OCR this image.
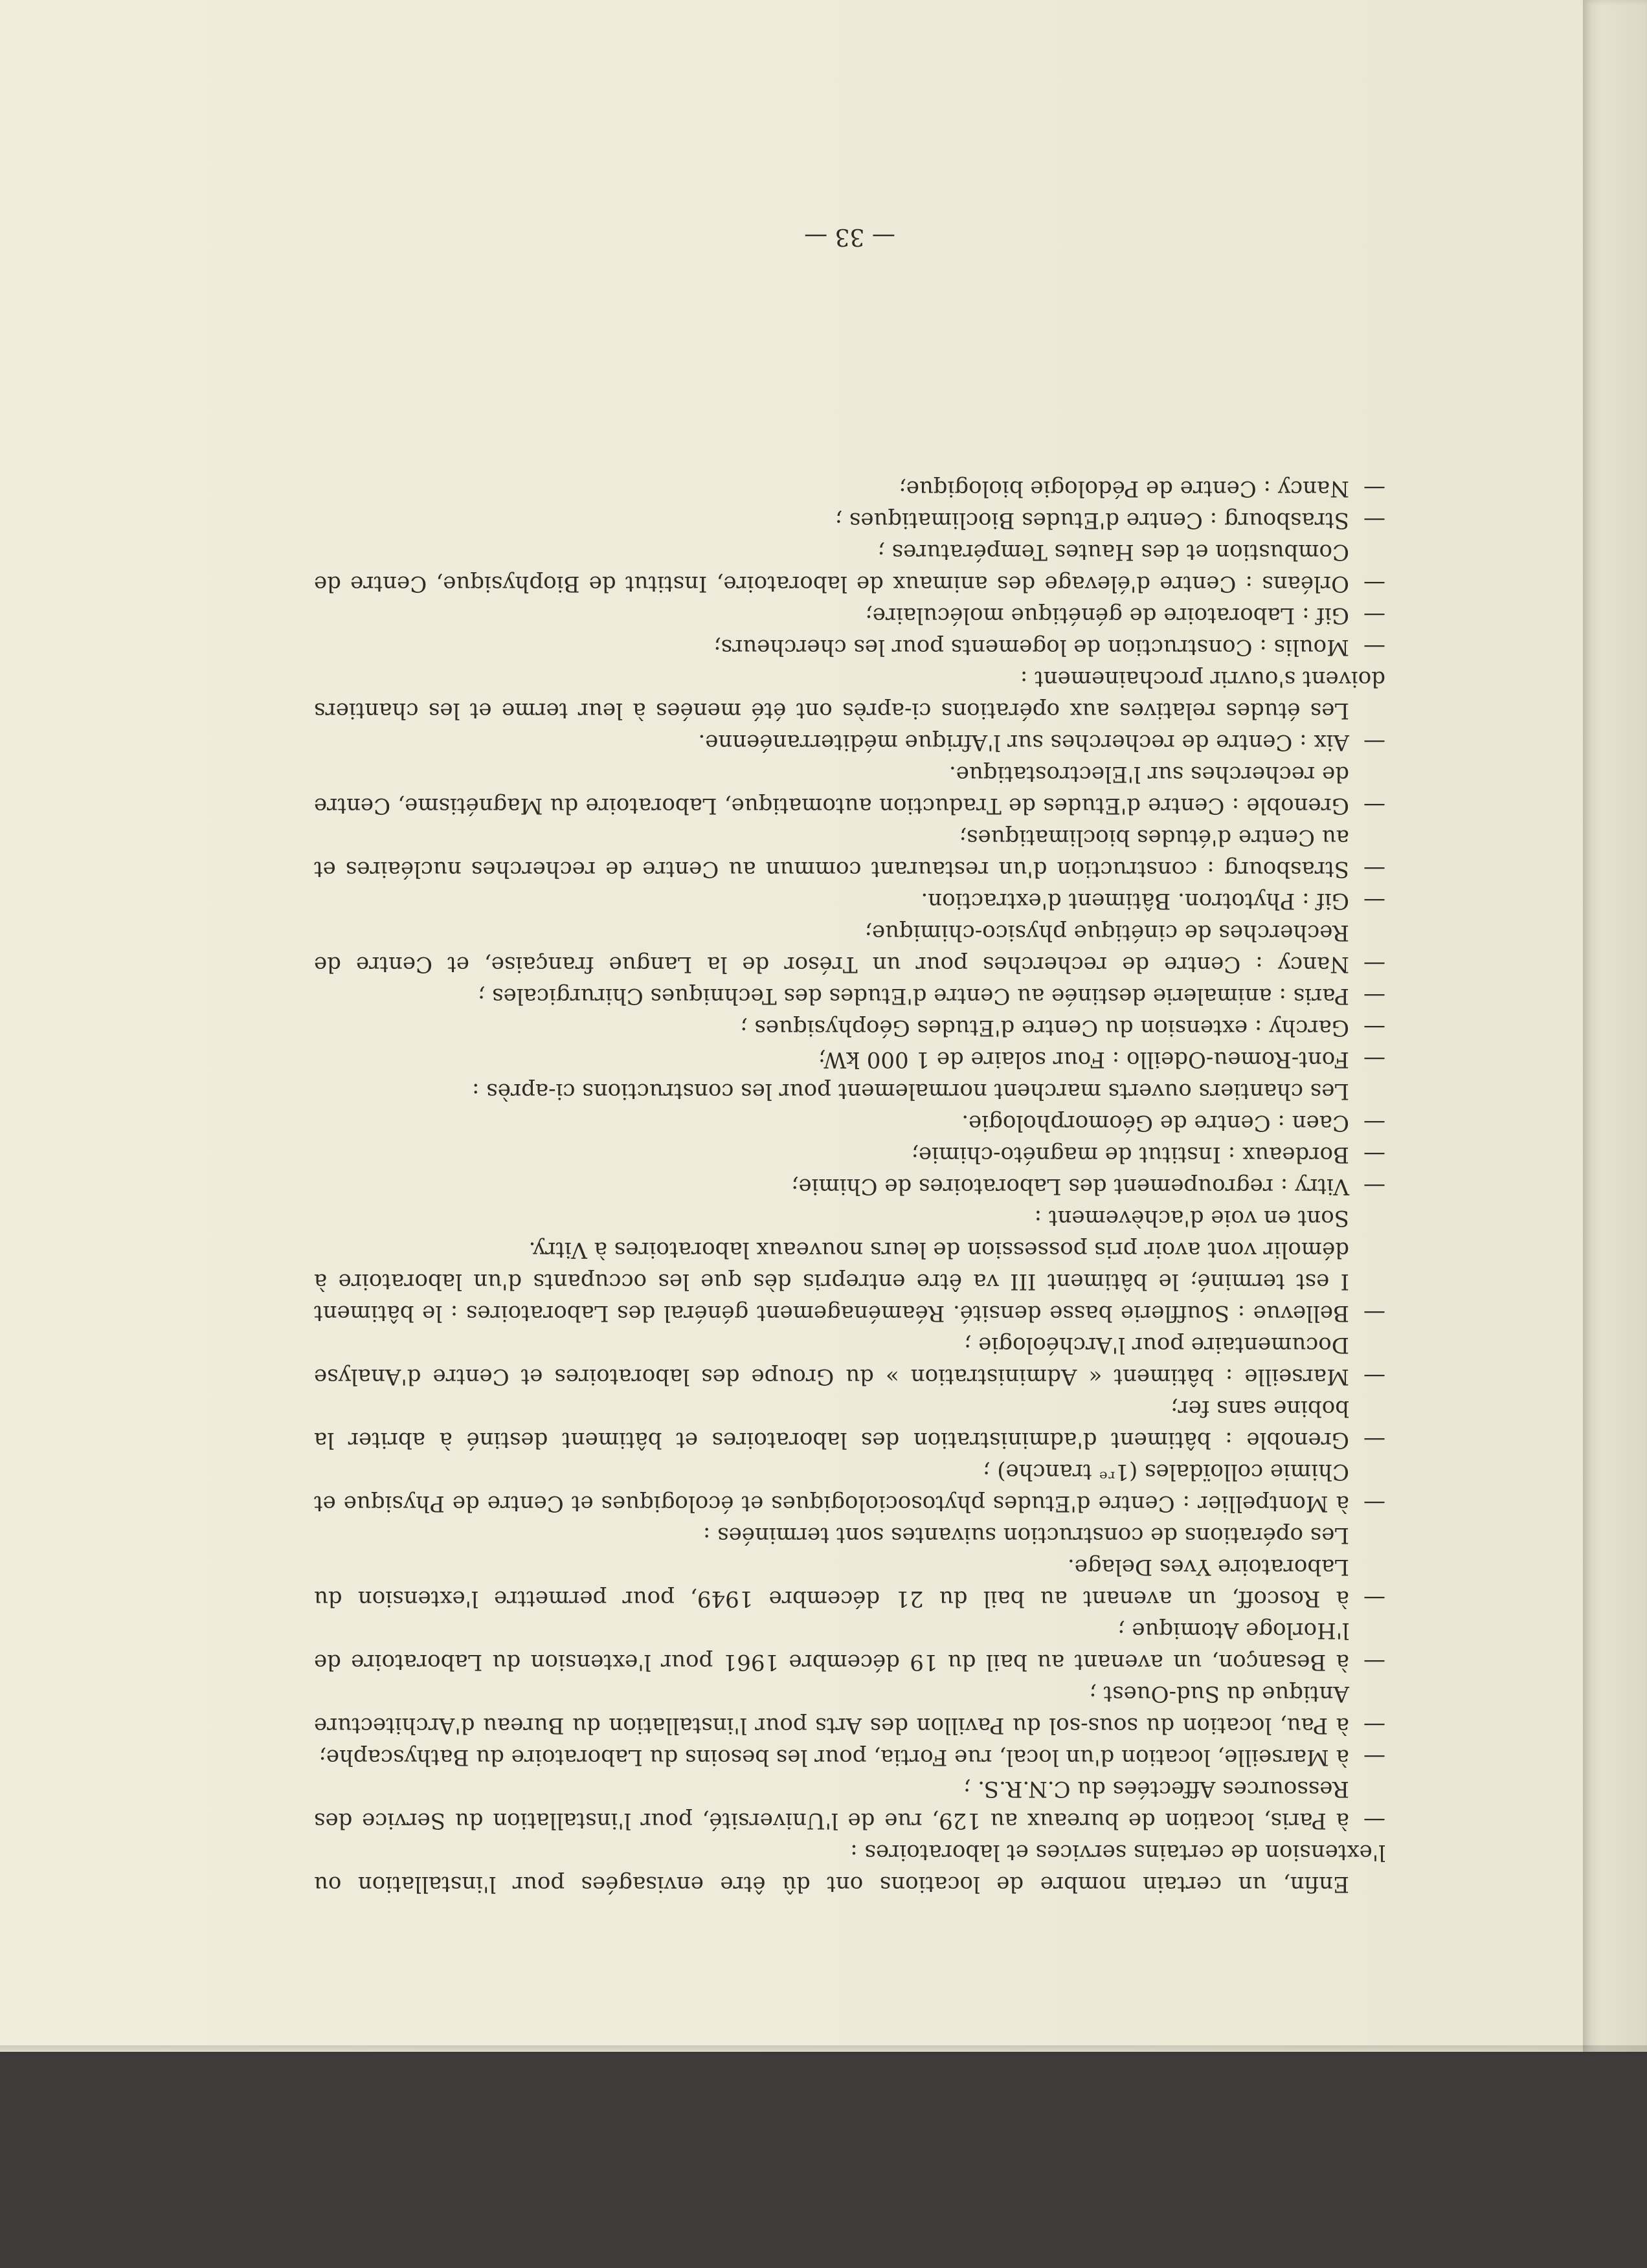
Enfin, un certain nombre de locations ont dû être envisagées pour l'installation ou l'extension de certains services et laboratoires :

—à Paris, location de bureaux au 129, rue de l'Université, pour l'installation du Service des Ressources Affectées du C.N.R.S. ;

—à Marseille, location d'un local, rue Fortia, pour les besoins du Laboratoire du Bathyscaphe;

—à Pau, location du sous-sol du Pavillon des Arts pour l'installation du Bureau d'Architecture Antique du Sud-Ouest ;

—à Besançon, un avenant au bail du 19 décembre 1961 pour l'extension du Laboratoire de l'Horloge Atomique ;

—à Roscoff, un avenant au bail du 21 décembre 1949, pour permettre l'extension du Laboratoire Yves Delage.

Les opérations de construction suivantes sont terminées :

—à Montpellier : Centre d'Etudes phytosociologiques et écologiques et Centre de Physique et Chimie colloïdales (1ʳᵉ tranche) ;

—Grenoble : bâtiment d'administration des laboratoires et bâtiment destiné à abriter la bobine sans fer;

—Marseille : bâtiment « Administration » du Groupe des laboratoires et Centre d'Analyse Documentaire pour l'Archéologie ;

—Bellevue : Soufflerie basse densité. Réaménagement général des Laboratoires : le bâtiment I est terminé; le bâtiment III va être entrepris dès que les occupants d'un laboratoire à démolir vont avoir pris possession de leurs nouveaux laboratoires à Vitry.

Sont en voie d'achèvement :

—Vitry : regroupement des Laboratoires de Chimie;

—Bordeaux : Institut de magnéto-chimie;

—Caen : Centre de Géomorphologie.

Les chantiers ouverts marchent normalement pour les constructions ci-après :

—Font-Romeu-Odeillo : Four solaire de 1 000 kW;

—Garchy : extension du Centre d'Etudes Géophysiques ;

—Paris : animalerie destinée au Centre d'Etudes des Techniques Chirurgicales ;

—Nancy : Centre de recherches pour un Trésor de la Langue française, et Centre de Recherches de cinétique physico-chimique;

—Gif : Phytotron. Bâtiment d'extraction.

—Strasbourg : construction d'un restaurant commun au Centre de recherches nucléaires et au Centre d'études bioclimatiques;

—Grenoble : Centre d'Etudes de Traduction automatique, Laboratoire du Magnétisme, Centre de recherches sur l'Electrostatique.

—Aix : Centre de recherches sur l'Afrique méditerranéenne.

Les études relatives aux opérations ci-après ont été menées à leur terme et les chantiers doivent s'ouvrir prochainement :

—Moulis : Construction de logements pour les chercheurs;

—Gif : Laboratoire de génétique moléculaire;

—Orléans : Centre d'élevage des animaux de laboratoire, Institut de Biophysique, Centre de Combustion et des Hautes Températures ;

—Strasbourg : Centre d'Etudes Bioclimatiques ;

—Nancy : Centre de Pédologie biologique;

— 33 —
